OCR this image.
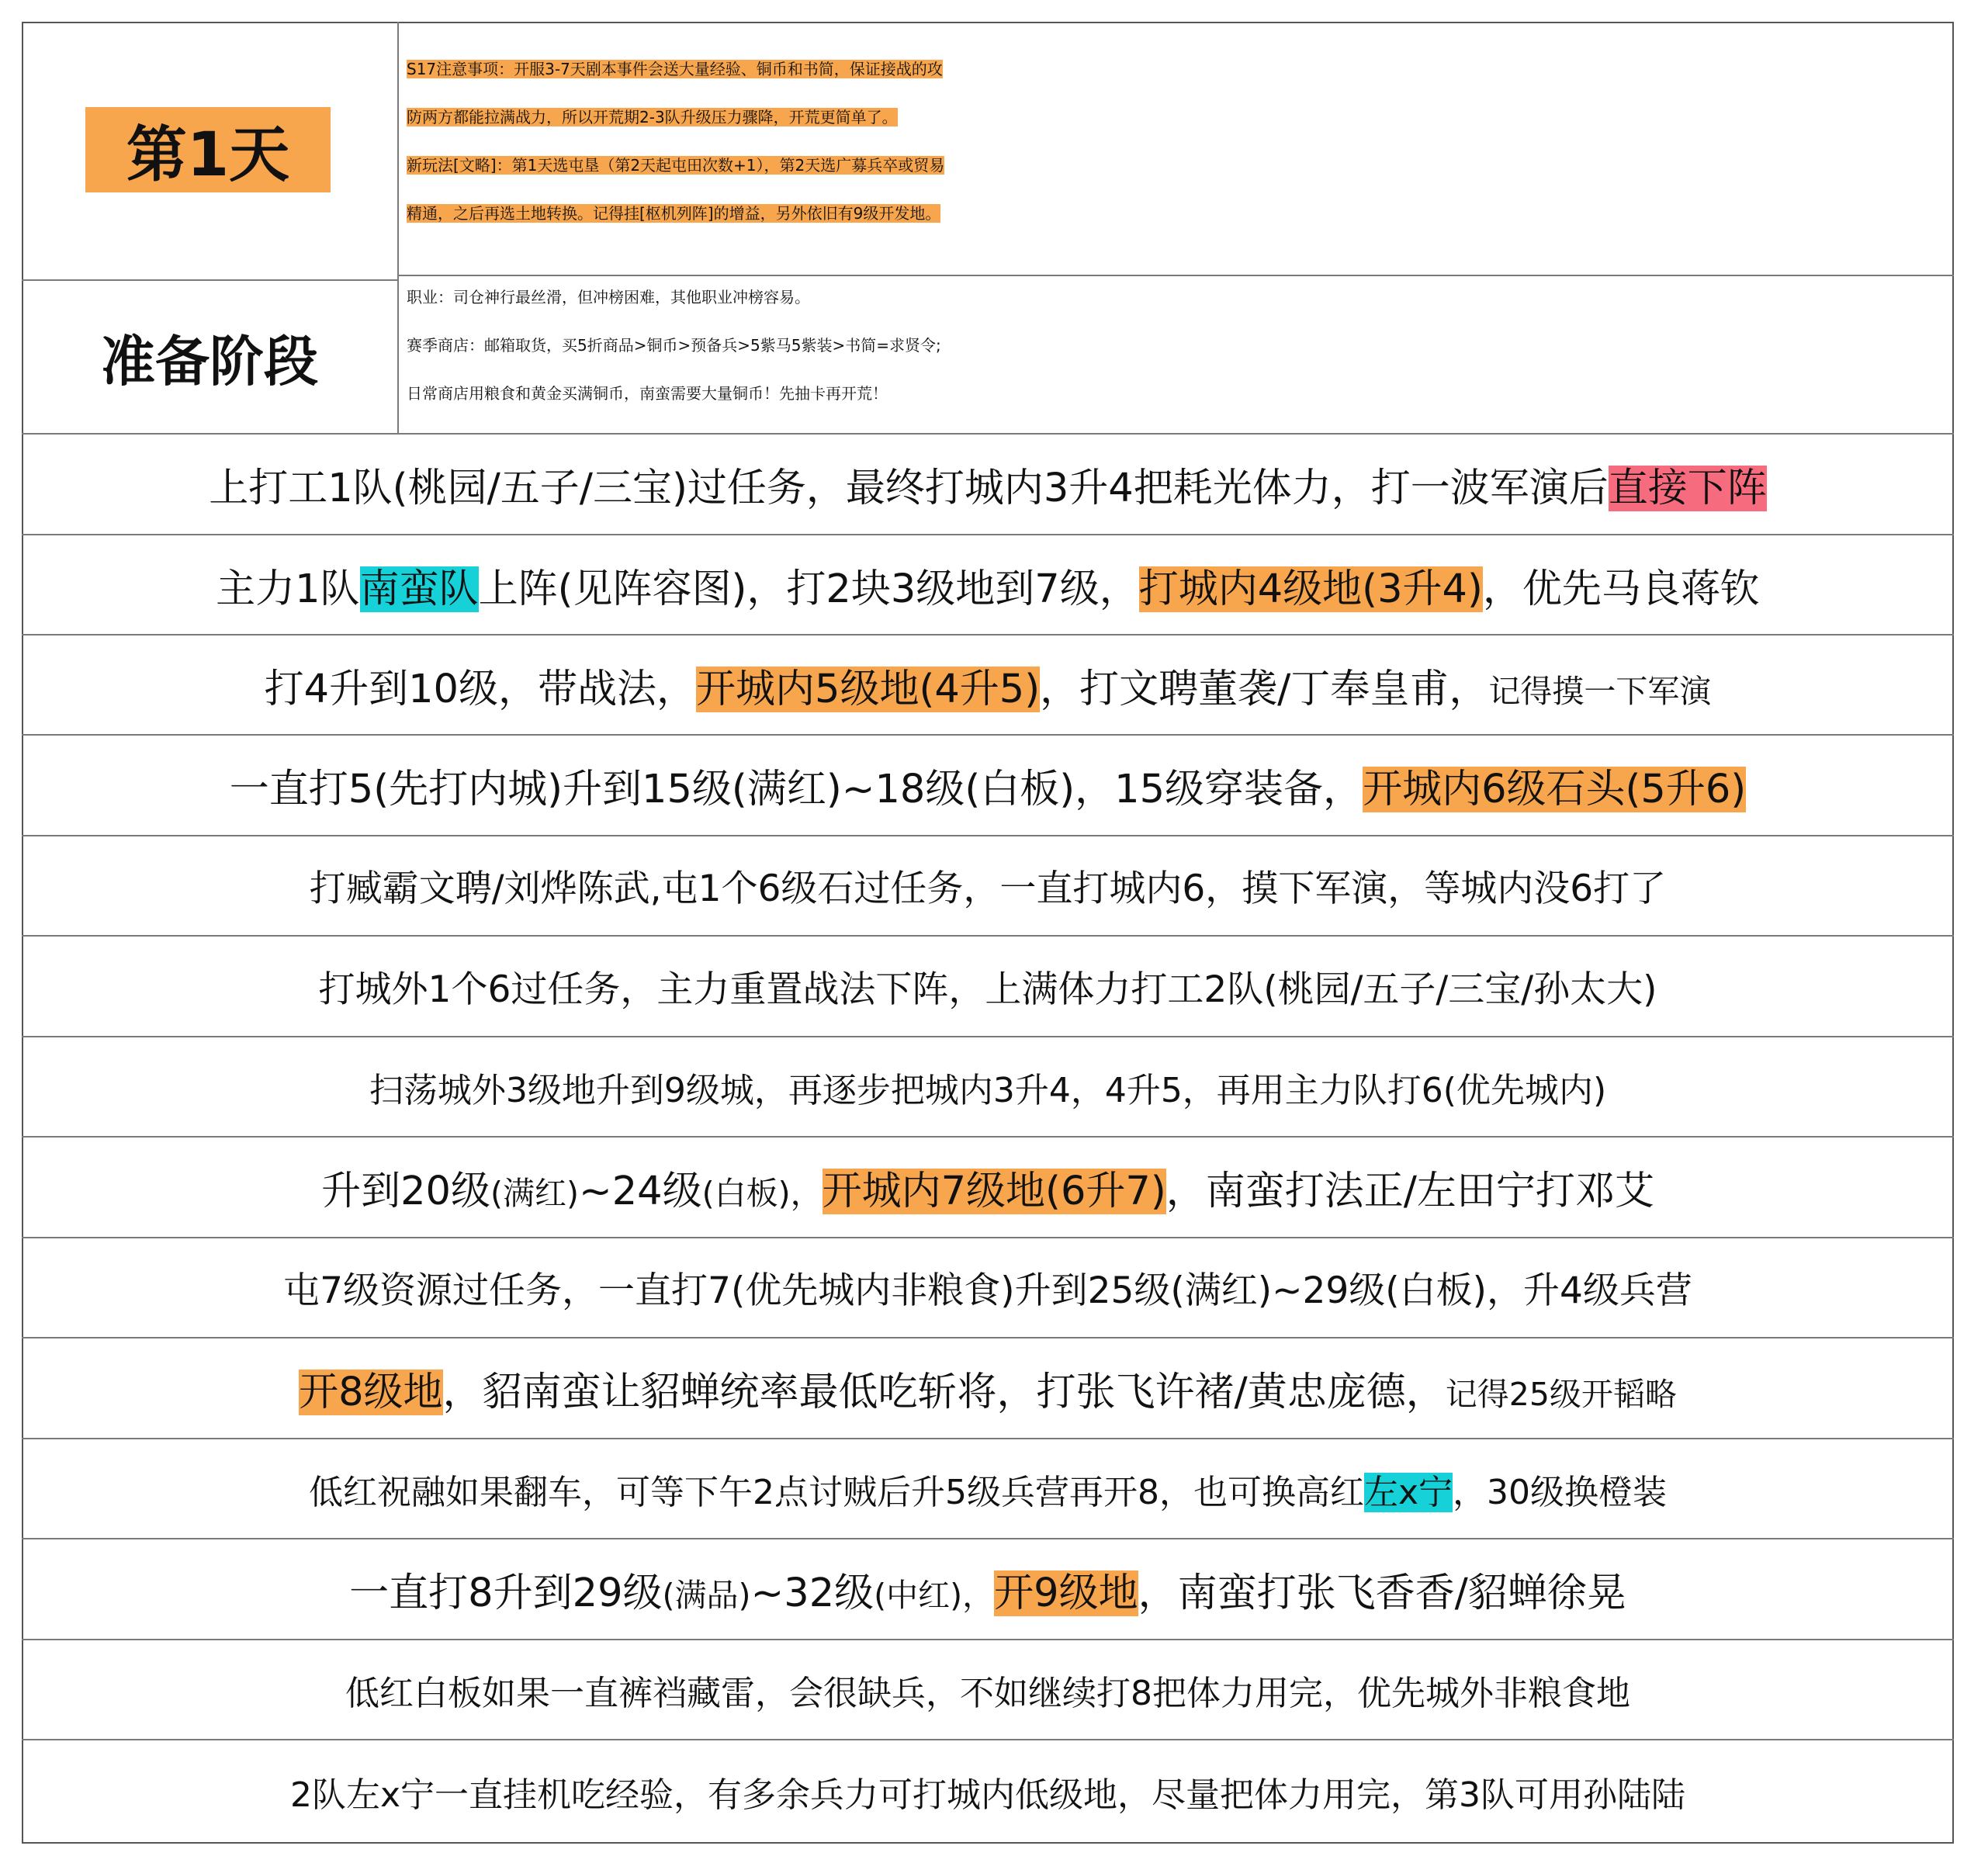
第1天
准备阶段
S17注意事项：开服3-7天剧本事件会送大量经验、铜币和书简，保证接战的攻
防两方都能拉满战力，所以开荒期2-3队升级压力骤降，开荒更简单了。
新玩法[文略]：第1天选屯垦（第2天起屯田次数+1），第2天选广募兵卒或贸易
精通，之后再选土地转换。记得挂[枢机列阵]的增益，另外依旧有9级开发地。
职业：司仓神行最丝滑，但冲榜困难，其他职业冲榜容易。
赛季商店：邮箱取货，买5折商品>铜币>预备兵>5紫马5紫装>书简=求贤令;
日常商店用粮食和黄金买满铜币，南蛮需要大量铜币！先抽卡再开荒！
上打工1队(桃园/五子/三宝)过任务，最终打城内3升4把耗光体力，打一波军演后直接下阵
主力1队南蛮队上阵(见阵容图)，打2块3级地到7级，打城内4级地(3升4)，优先马良蒋钦
打4升到10级，带战法，开城内5级地(4升5)，打文聘董袭/丁奉皇甫，记得摸一下军演
一直打5(先打内城)升到15级(满红)~18级(白板)，15级穿装备，开城内6级石头(5升6)
打臧霸文聘/刘烨陈武,屯1个6级石过任务，一直打城内6，摸下军演，等城内没6打了
打城外1个6过任务，主力重置战法下阵，上满体力打工2队(桃园/五子/三宝/孙太大)
扫荡城外3级地升到9级城，再逐步把城内3升4，4升5，再用主力队打6(优先城内)
升到20级(满红)~24级(白板)，开城内7级地(6升7)，南蛮打法正/左田宁打邓艾
屯7级资源过任务，一直打7(优先城内非粮食)升到25级(满红)~29级(白板)，升4级兵营
开8级地，貂南蛮让貂蝉统率最低吃斩将，打张飞许褚/黄忠庞德，记得25级开韬略
低红祝融如果翻车，可等下午2点讨贼后升5级兵营再开8，也可换高红左x宁，30级换橙装
一直打8升到29级(满品)~32级(中红)，开9级地，南蛮打张飞香香/貂蝉徐晃
低红白板如果一直裤裆藏雷，会很缺兵，不如继续打8把体力用完，优先城外非粮食地
2队左x宁一直挂机吃经验，有多余兵力可打城内低级地，尽量把体力用完，第3队可用孙陆陆
